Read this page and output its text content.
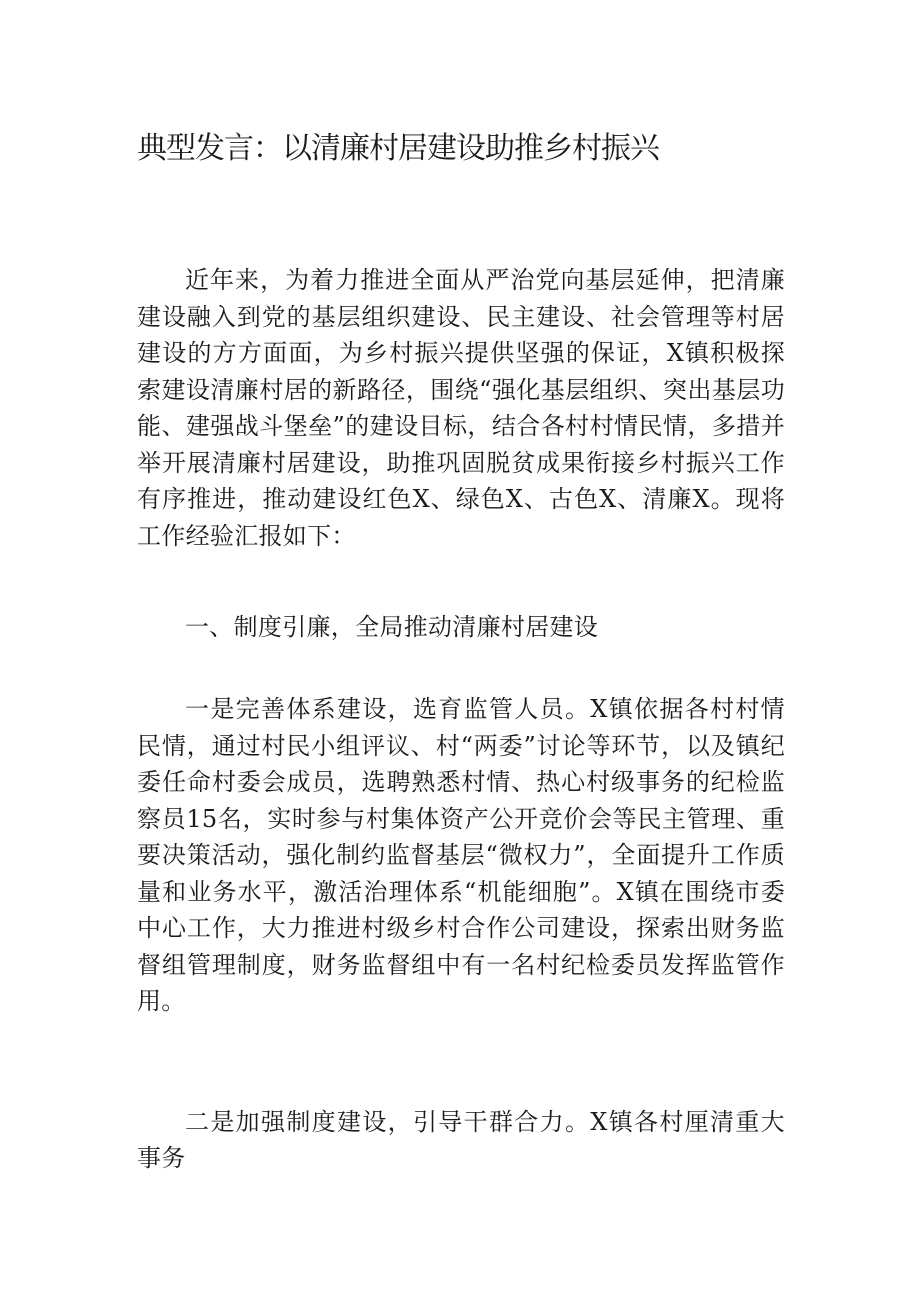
典型发言：以清廉村居建设助推乡村振兴

近年来，为着力推进全面从严治党向基层延伸，把清廉建设融入到党的基层组织建设、民主建设、社会管理等村居建设的方方面面，为乡村振兴提供坚强的保证，X镇积极探索建设清廉村居的新路径，围绕“强化基层组织、突出基层功能、建强战斗堡垒”的建设目标，结合各村村情民情，多措并举开展清廉村居建设，助推巩固脱贫成果衔接乡村振兴工作有序推进，推动建设红色X、绿色X、古色X、清廉X。现将工作经验汇报如下：

一、制度引廉，全局推动清廉村居建设

一是完善体系建设，选育监管人员。X镇依据各村村情民情，通过村民小组评议、村“两委”讨论等环节，以及镇纪委任命村委会成员，选聘熟悉村情、热心村级事务的纪检监察员15名，实时参与村集体资产公开竞价会等民主管理、重要决策活动，强化制约监督基层“微权力”，全面提升工作质量和业务水平，激活治理体系“机能细胞”。X镇在围绕市委中心工作，大力推进村级乡村合作公司建设，探索出财务监督组管理制度，财务监督组中有一名村纪检委员发挥监管作用。

二是加强制度建设，引导干群合力。X镇各村厘清重大事务
